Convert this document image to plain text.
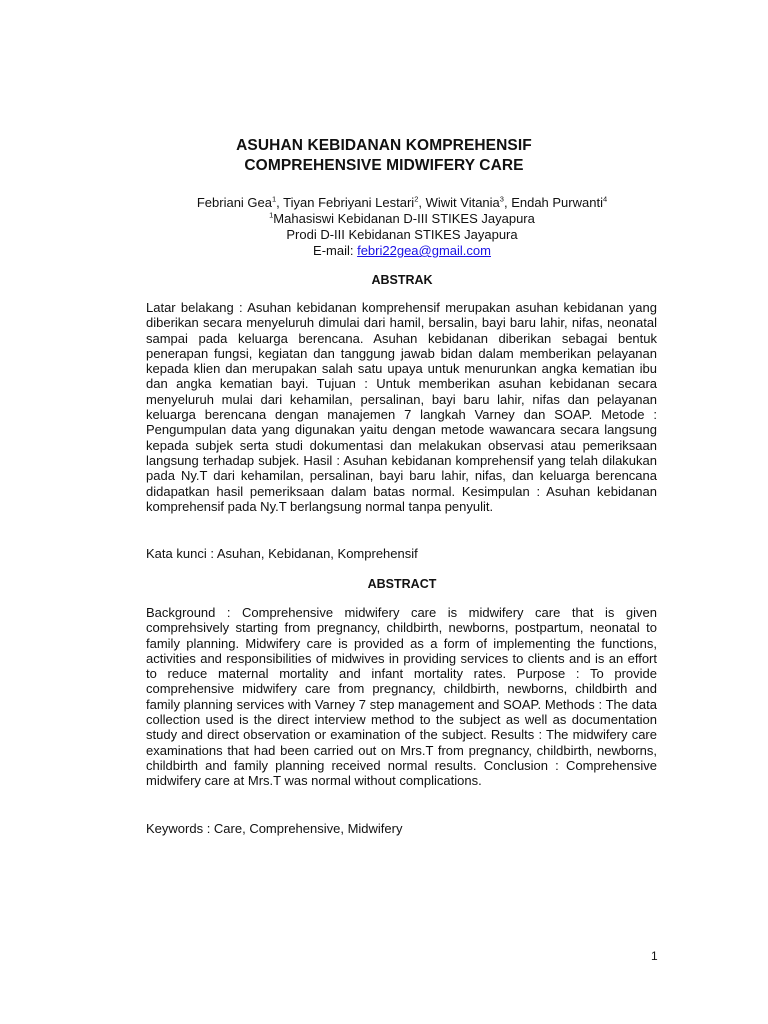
ASUHAN KEBIDANAN KOMPREHENSIF
COMPREHENSIVE MIDWIFERY CARE
Febriani Gea$^1$, Tiyan Febriyani Lestari$^2$, Wiwit Vitania$^3$, Endah Purwanti$^4$
$^1$Mahasiswi Kebidanan D-III STIKES Jayapura
Prodi D-III Kebidanan STIKES Jayapura
E-mail: febri22gea@gmail.com
ABSTRAK

Latar belakang : Asuhan kebidanan komprehensif merupakan asuhan kebidanan yang diberikan secara menyeluruh dimulai dari hamil, bersalin, bayi baru lahir, nifas, neonatal sampai pada keluarga berencana. Asuhan kebidanan diberikan sebagai bentuk penerapan fungsi, kegiatan dan tanggung jawab bidan dalam memberikan pelayanan kepada klien dan merupakan salah satu upaya untuk menurunkan angka kematian ibu dan angka kematian bayi. Tujuan : Untuk memberikan asuhan kebidanan secara menyeluruh mulai dari kehamilan, persalinan, bayi baru lahir, nifas dan pelayanan keluarga berencana dengan manajemen 7 langkah Varney dan SOAP. Metode : Pengumpulan data yang digunakan yaitu dengan metode wawancara secara langsung kepada subjek serta studi dokumentasi dan melakukan observasi atau pemeriksaan langsung terhadap subjek. Hasil : Asuhan kebidanan komprehensif yang telah dilakukan pada Ny.T dari kehamilan, persalinan, bayi baru lahir, nifas, dan keluarga berencana didapatkan hasil pemeriksaan dalam batas normal. Kesimpulan : Asuhan kebidanan komprehensif pada Ny.T berlangsung normal tanpa penyulit.

Kata kunci : Asuhan, Kebidanan, Komprehensif

ABSTRACT

Background : Comprehensive midwifery care is midwifery care that is given comprehsively starting from pregnancy, childbirth, newborns, postpartum, neonatal to family planning. Midwifery care is provided as a form of implementing the functions, activities and responsibilities of midwives in providing services to clients and is an effort to reduce maternal mortality and infant mortality rates. Purpose : To provide comprehensive midwifery care from pregnancy, childbirth, newborns, childbirth and family planning services with Varney 7 step management and SOAP. Methods : The data collection used is the direct interview method to the subject as well as documentation study and direct observation or examination of the subject. Results : The midwifery care examinations that had been carried out on Mrs.T from pregnancy, childbirth, newborns, childbirth and family planning received normal results. Conclusion : Comprehensive midwifery care at Mrs.T was normal without complications.

Keywords : Care, Comprehensive, Midwifery

1
